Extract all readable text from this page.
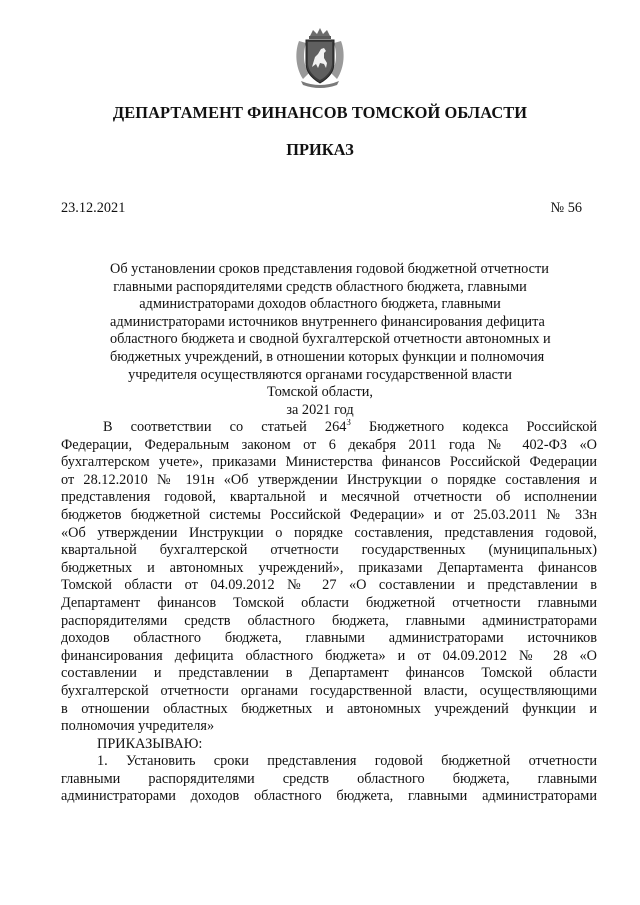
ДЕПАРТАМЕНТ ФИНАНСОВ ТОМСКОЙ ОБЛАСТИ
ПРИКАЗ
23.12.2021	№ 56
Об установлении сроков представления годовой бюджетной отчетности
главными распорядителями средств областного бюджета, главными
администраторами доходов областного бюджета, главными
администраторами источников внутреннего финансирования дефицита
областного бюджета и сводной бухгалтерской отчетности автономных и
бюджетных учреждений, в отношении которых функции и полномочия
учредителя осуществляются органами государственной власти
Томской области,
за 2021 год
В соответствии со статьей $264^3$ Бюджетного кодекса Российской
Федерации, Федеральным законом от 6 декабря 2011 года № 402-ФЗ «О
бухгалтерском учете», приказами Министерства финансов Российской Федерации
от 28.12.2010 № 191н «Об утверждении Инструкции о порядке составления и
представления годовой, квартальной и месячной отчетности об исполнении
бюджетов бюджетной системы Российской Федерации» и от 25.03.2011 № 33н
«Об утверждении Инструкции о порядке составления, представления годовой,
квартальной бухгалтерской отчетности государственных (муниципальных)
бюджетных и автономных учреждений», приказами Департамента финансов
Томской области от 04.09.2012 № 27 «О составлении и представлении в
Департамент финансов Томской области бюджетной отчетности главными
распорядителями средств областного бюджета, главными администраторами
доходов областного бюджета, главными администраторами источников
финансирования дефицита областного бюджета» и от 04.09.2012 № 28 «О
составлении и представлении в Департамент финансов Томской области
бухгалтерской отчетности органами государственной власти, осуществляющими
в отношении областных бюджетных и автономных учреждений функции и
полномочия учредителя»
ПРИКАЗЫВАЮ:
1. Установить сроки представления годовой бюджетной отчетности
главными распорядителями средств областного бюджета, главными
администраторами доходов областного бюджета, главными администраторами
